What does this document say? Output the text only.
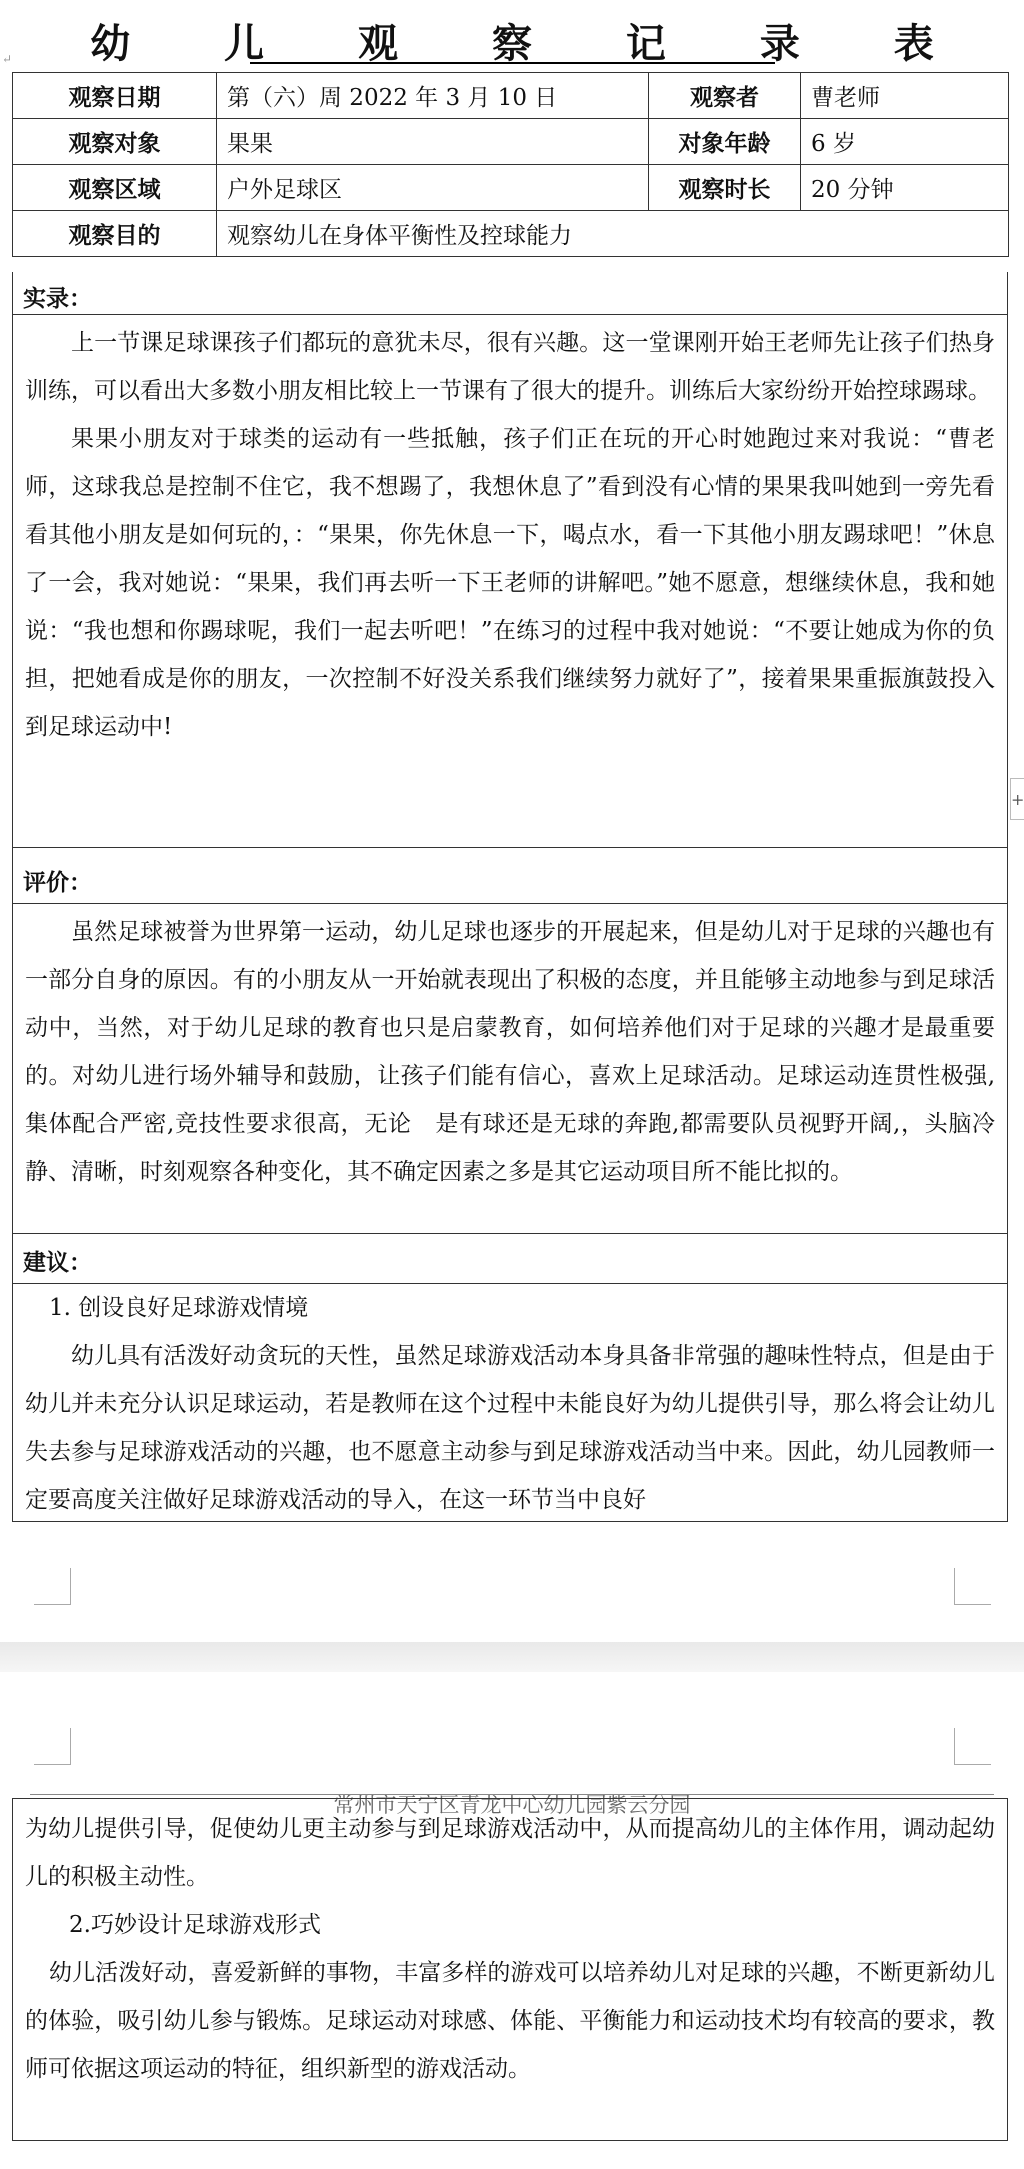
↵	幼 儿 观 察 记 录 表
观察日期	第（六）周 2022 年 3 月 10 日	观察者	曹老师
观察对象	果果	对象年龄	6 岁
观察区域	户外足球区	观察时长	20 分钟
观察目的	观察幼儿在身体平衡性及控球能力		
实录：

上一节课足球课孩子们都玩的意犹未尽，很有兴趣。这一堂课刚开始王老师先让孩子们热身训练，可以看出大多数小朋友相比较上一节课有了很大的提升。训练后大家纷纷开始控球踢球。

果果小朋友对于球类的运动有一些抵触，孩子们正在玩的开心时她跑过来对我说：“曹老师，这球我总是控制不住它，我不想踢了，我想休息了”看到没有心情的果果我叫她到一旁先看看其他小朋友是如何玩的，：“果果，你先休息一下，喝点水，看一下其他小朋友踢球吧！”休息了一会，我对她说：“果果，我们再去听一下王老师的讲解吧。”她不愿意，想继续休息，我和她说：“我也想和你踢球呢，我们一起去听吧！”在练习的过程中我对她说：“不要让她成为你的负担，把她看成是你的朋友，一次控制不好没关系我们继续努力就好了”，接着果果重振旗鼓投入到足球运动中!

评价：

虽然足球被誉为世界第一运动，幼儿足球也逐步的开展起来，但是幼儿对于足球的兴趣也有一部分自身的原因。有的小朋友从一开始就表现出了积极的态度，并且能够主动地参与到足球活动中，当然，对于幼儿足球的教育也只是启蒙教育，如何培养他们对于足球的兴趣才是最重要的。对幼儿进行场外辅导和鼓励，让孩子们能有信心，喜欢上足球活动。足球运动连贯性极强,集体配合严密,竞技性要求很高，无论　是有球还是无球的奔跑,都需要队员视野开阔,，头脑冷静、清晰，时刻观察各种变化，其不确定因素之多是其它运动项目所不能比拟的。

建议：

1. 创设良好足球游戏情境

幼儿具有活泼好动贪玩的天性，虽然足球游戏活动本身具备非常强的趣味性特点，但是由于幼儿并未充分认识足球运动，若是教师在这个过程中未能良好为幼儿提供引导，那么将会让幼儿失去参与足球游戏活动的兴趣，也不愿意主动参与到足球游戏活动当中来。因此，幼儿园教师一定要高度关注做好足球游戏活动的导入，在这一环节当中良好

常州市天宁区青龙中心幼儿园紫云分园

为幼儿提供引导，促使幼儿更主动参与到足球游戏活动中，从而提高幼儿的主体作用，调动起幼儿的积极主动性。

2.巧妙设计足球游戏形式

幼儿活泼好动，喜爱新鲜的事物，丰富多样的游戏可以培养幼儿对足球的兴趣，不断更新幼儿的体验，吸引幼儿参与锻炼。足球运动对球感、体能、平衡能力和运动技术均有较高的要求，教师可依据这项运动的特征，组织新型的游戏活动。

+
